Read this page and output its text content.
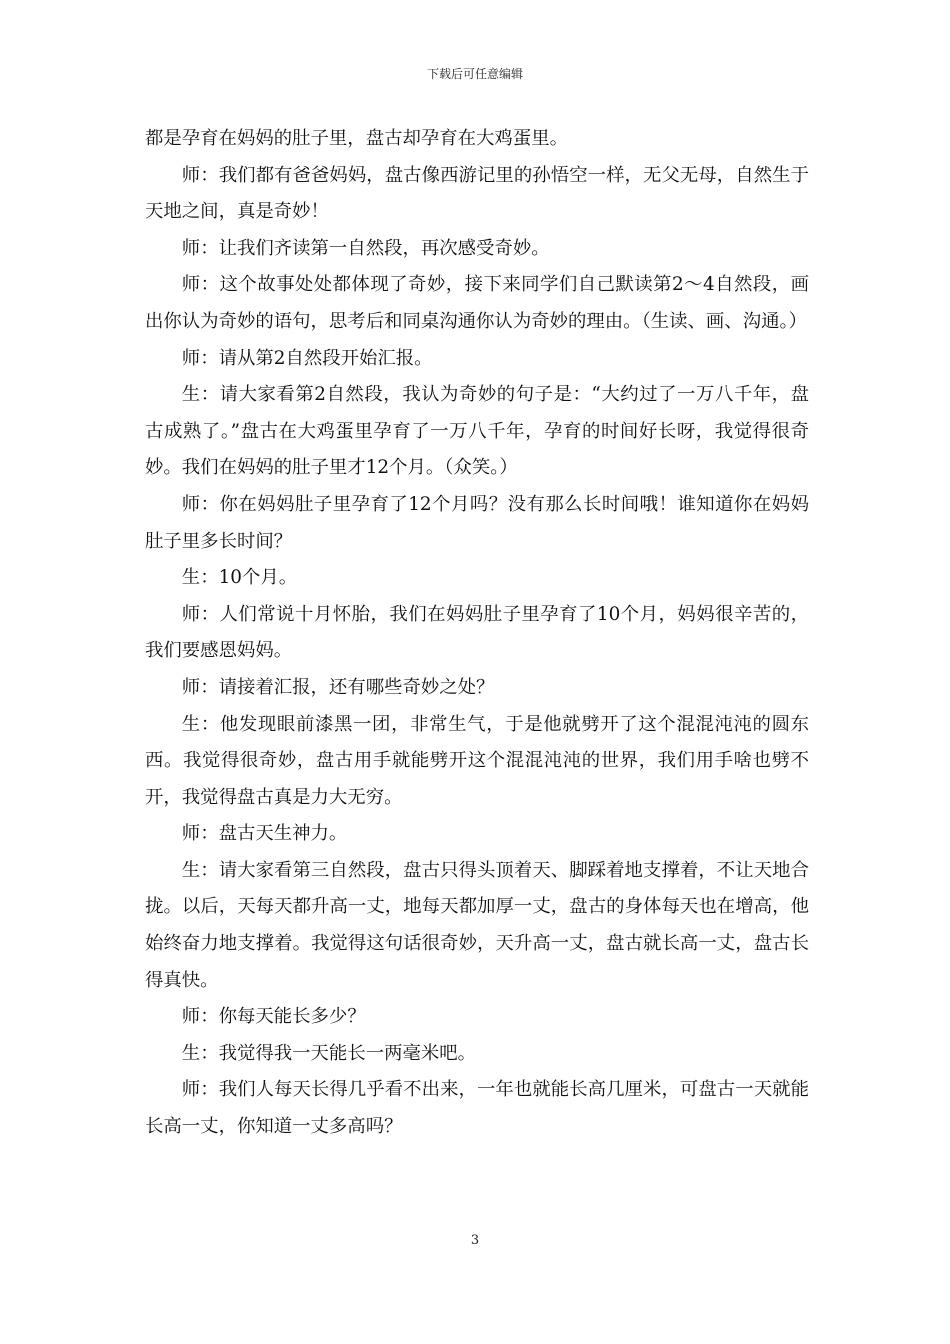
下载后可任意编辑

都是孕育在妈妈的肚子里，盘古却孕育在大鸡蛋里。

师：我们都有爸爸妈妈，盘古像西游记里的孙悟空一样，无父无母，自然生于天地之间，真是奇妙！

师：让我们齐读第一自然段，再次感受奇妙。

师：这个故事处处都体现了奇妙，接下来同学们自己默读第2～4自然段，画出你认为奇妙的语句，思考后和同桌沟通你认为奇妙的理由。（生读、画、沟通。）

师：请从第2自然段开始汇报。

生：请大家看第2自然段，我认为奇妙的句子是：“大约过了一万八千年，盘古成熟了。”盘古在大鸡蛋里孕育了一万八千年，孕育的时间好长呀，我觉得很奇妙。我们在妈妈的肚子里才12个月。（众笑。）

师：你在妈妈肚子里孕育了12个月吗？没有那么长时间哦！谁知道你在妈妈肚子里多长时间？

生：10个月。

师：人们常说十月怀胎，我们在妈妈肚子里孕育了10个月，妈妈很辛苦的，我们要感恩妈妈。

师：请接着汇报，还有哪些奇妙之处？

生：他发现眼前漆黑一团，非常生气，于是他就劈开了这个混混沌沌的圆东西。我觉得很奇妙，盘古用手就能劈开这个混混沌沌的世界，我们用手啥也劈不开，我觉得盘古真是力大无穷。

师：盘古天生神力。

生：请大家看第三自然段，盘古只得头顶着天、脚踩着地支撑着，不让天地合拢。以后，天每天都升高一丈，地每天都加厚一丈，盘古的身体每天也在增高，他始终奋力地支撑着。我觉得这句话很奇妙，天升高一丈，盘古就长高一丈，盘古长得真快。

师：你每天能长多少？

生：我觉得我一天能长一两毫米吧。

师：我们人每天长得几乎看不出来，一年也就能长高几厘米，可盘古一天就能长高一丈，你知道一丈多高吗？

3
